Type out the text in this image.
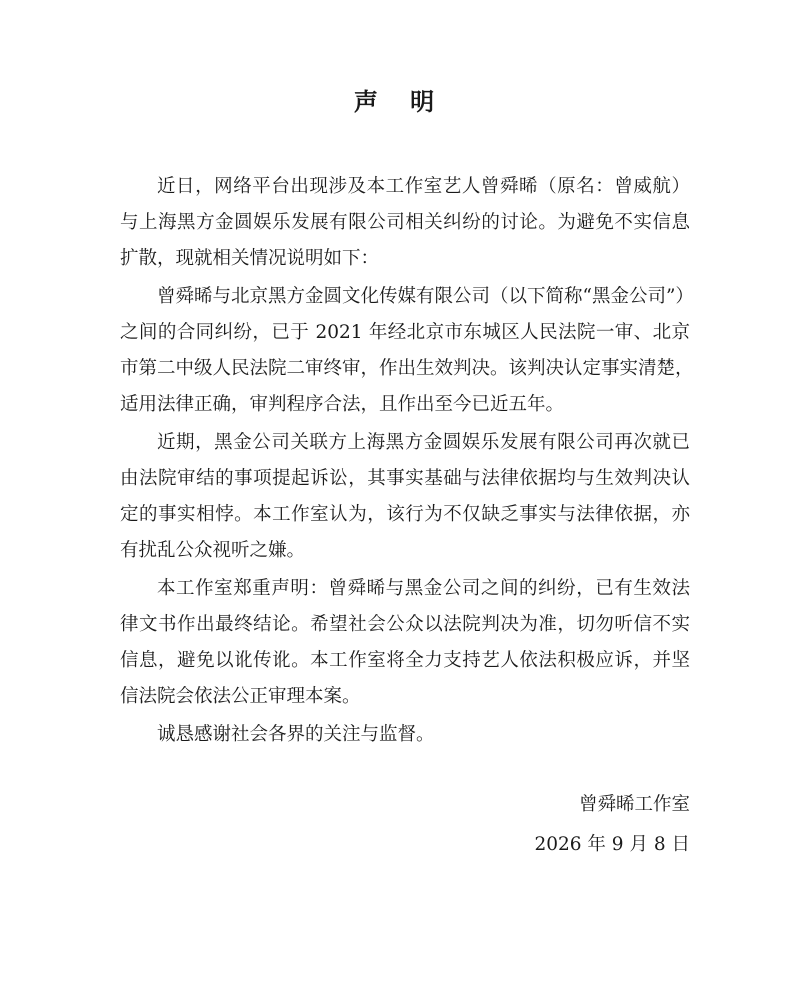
声 明
近日，网络平台出现涉及本工作室艺人曾舜晞（原名：曾威航）
与上海黑方金圆娱乐发展有限公司相关纠纷的讨论。为避免不实信息
扩散，现就相关情况说明如下：
曾舜晞与北京黑方金圆文化传媒有限公司（以下简称“黑金公司”）
之间的合同纠纷，已于 2021 年经北京市东城区人民法院一审、北京
市第二中级人民法院二审终审，作出生效判决。该判决认定事实清楚，
适用法律正确，审判程序合法，且作出至今已近五年。
近期，黑金公司关联方上海黑方金圆娱乐发展有限公司再次就已
由法院审结的事项提起诉讼，其事实基础与法律依据均与生效判决认
定的事实相悖。本工作室认为，该行为不仅缺乏事实与法律依据，亦
有扰乱公众视听之嫌。
本工作室郑重声明：曾舜晞与黑金公司之间的纠纷，已有生效法
律文书作出最终结论。希望社会公众以法院判决为准，切勿听信不实
信息，避免以讹传讹。本工作室将全力支持艺人依法积极应诉，并坚
信法院会依法公正审理本案。
诚恳感谢社会各界的关注与监督。
曾舜晞工作室
2026 年 9 月 8 日
